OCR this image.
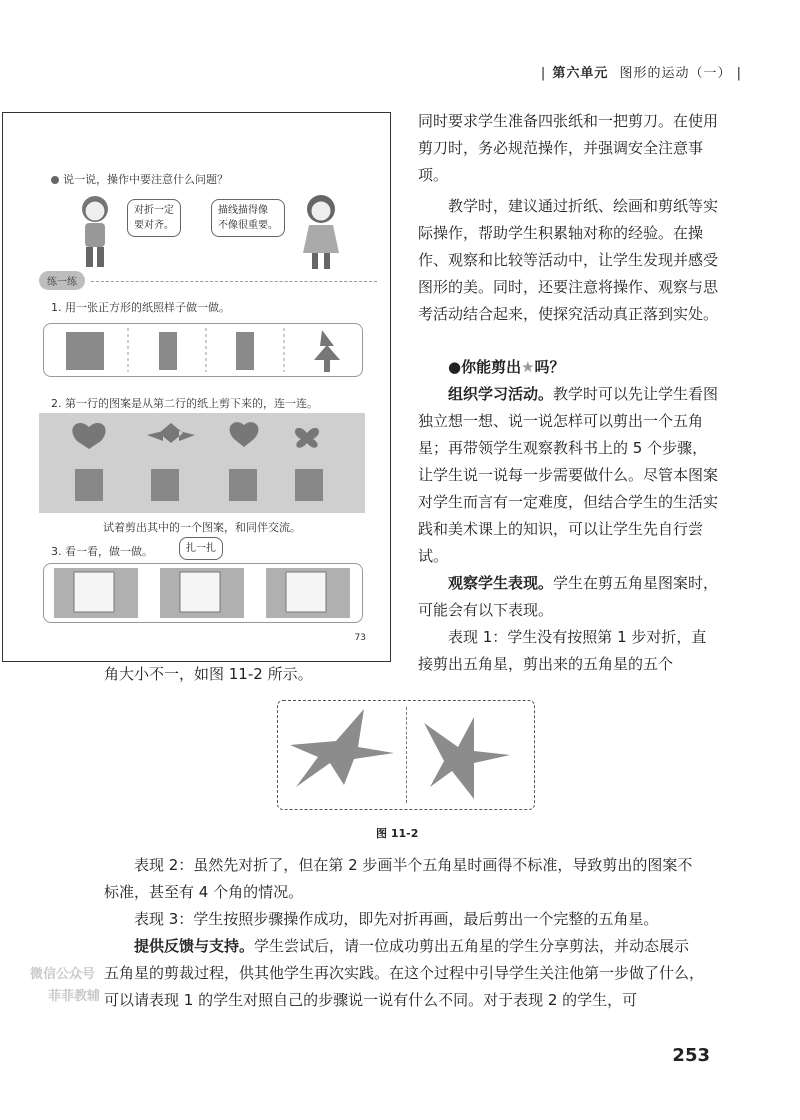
| 第六单元 图形的运动（一） |
说一说，操作中要注意什么问题？
对折一定
要对齐。
描线描得像
不像很重要。
练一练
1. 用一张正方形的纸照样子做一做。
2. 第一行的图案是从第二行的纸上剪下来的，连一连。
试着剪出其中的一个图案，和同伴交流。
3. 看一看，做一做。	扎一扎
73

同时要求学生准备四张纸和一把剪刀。在使用剪刀时，务必规范操作，并强调安全注意事项。

教学时，建议通过折纸、绘画和剪纸等实际操作，帮助学生积累轴对称的经验。在操作、观察和比较等活动中，让学生发现并感受图形的美。同时，还要注意将操作、观察与思考活动结合起来，使探究活动真正落到实处。

●你能剪出★吗？

组织学习活动。教学时可以先让学生看图独立想一想、说一说怎样可以剪出一个五角星；再带领学生观察教科书上的 5 个步骤，让学生说一说每一步需要做什么。尽管本图案对学生而言有一定难度，但结合学生的生活实践和美术课上的知识，可以让学生先自行尝试。

观察学生表现。学生在剪五角星图案时，可能会有以下表现。

表现 1：学生没有按照第 1 步对折，直接剪出五角星，剪出来的五角星的五个

角大小不一，如图 11-2 所示。
图 11-2

表现 2：虽然先对折了，但在第 2 步画半个五角星时画得不标准，导致剪出的图案不标准，甚至有 4 个角的情况。

表现 3：学生按照步骤操作成功，即先对折再画，最后剪出一个完整的五角星。

提供反馈与支持。学生尝试后，请一位成功剪出五角星的学生分享剪法，并动态展示五角星的剪裁过程，供其他学生再次实践。在这个过程中引导学生关注他第一步做了什么，可以请表现 1 的学生对照自己的步骤说一说有什么不同。对于表现 2 的学生，可

微信公众号
菲菲教辅
253
